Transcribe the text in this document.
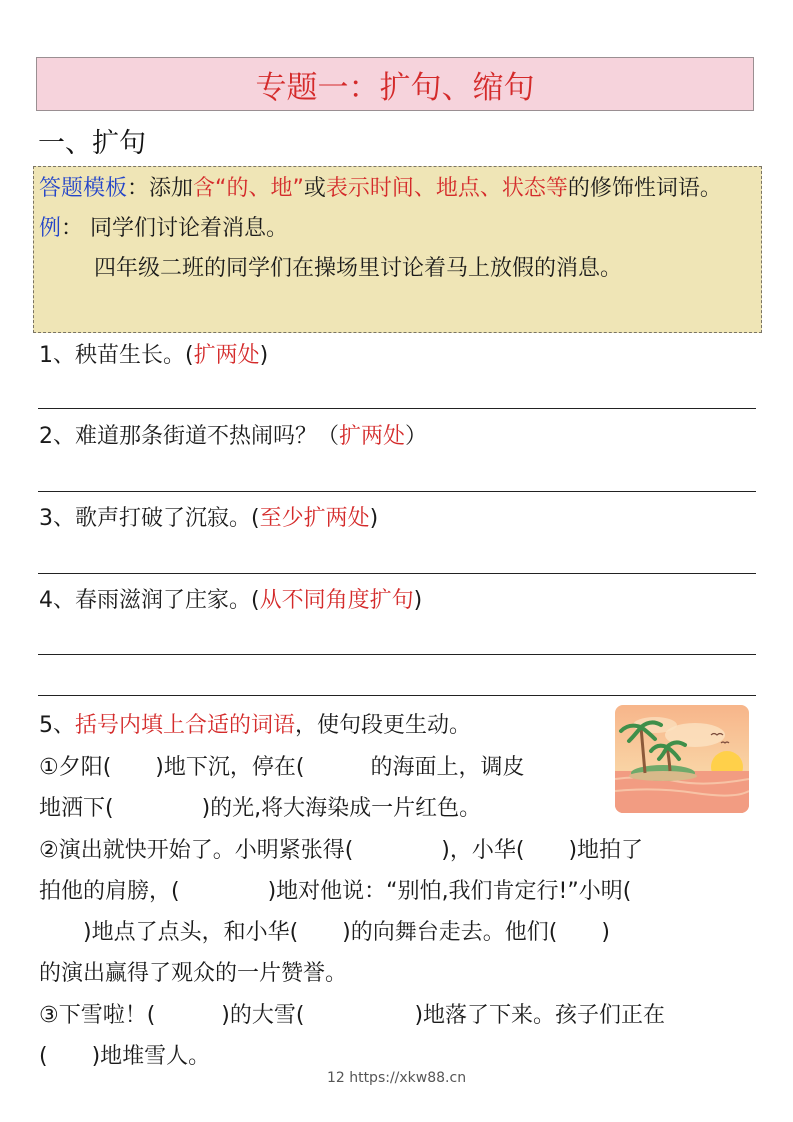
专题一：扩句、缩句
一、扩句

答题模板：添加含“的、地”或表示时间、地点、状态等的修饰性词语。

例： 同学们讨论着消息。

四年级二班的同学们在操场里讨论着马上放假的消息。

1、秧苗生长。(扩两处)
2、难道那条街道不热闹吗？（扩两处）
3、歌声打破了沉寂。(至少扩两处)
4、春雨滋润了庄家。(从不同角度扩句)
5、括号内填上合适的词语，使句段更生动。
①夕阳(　　)地下沉，停在(　　　的海面上，调皮
地洒下(　　　　)的光,将大海染成一片红色。
②演出就快开始了。小明紧张得(　　　　)，小华(　　)地拍了
拍他的肩膀，(　　　　)地对他说：“别怕,我们肯定行!”小明(
　　)地点了点头，和小华(　　)的向舞台走去。他们(　　)
的演出赢得了观众的一片赞誉。
③下雪啦！(　　　)的大雪(　　　　　)地落了下来。孩子们正在
(　　)地堆雪人。
12 https://xkw88.cn
